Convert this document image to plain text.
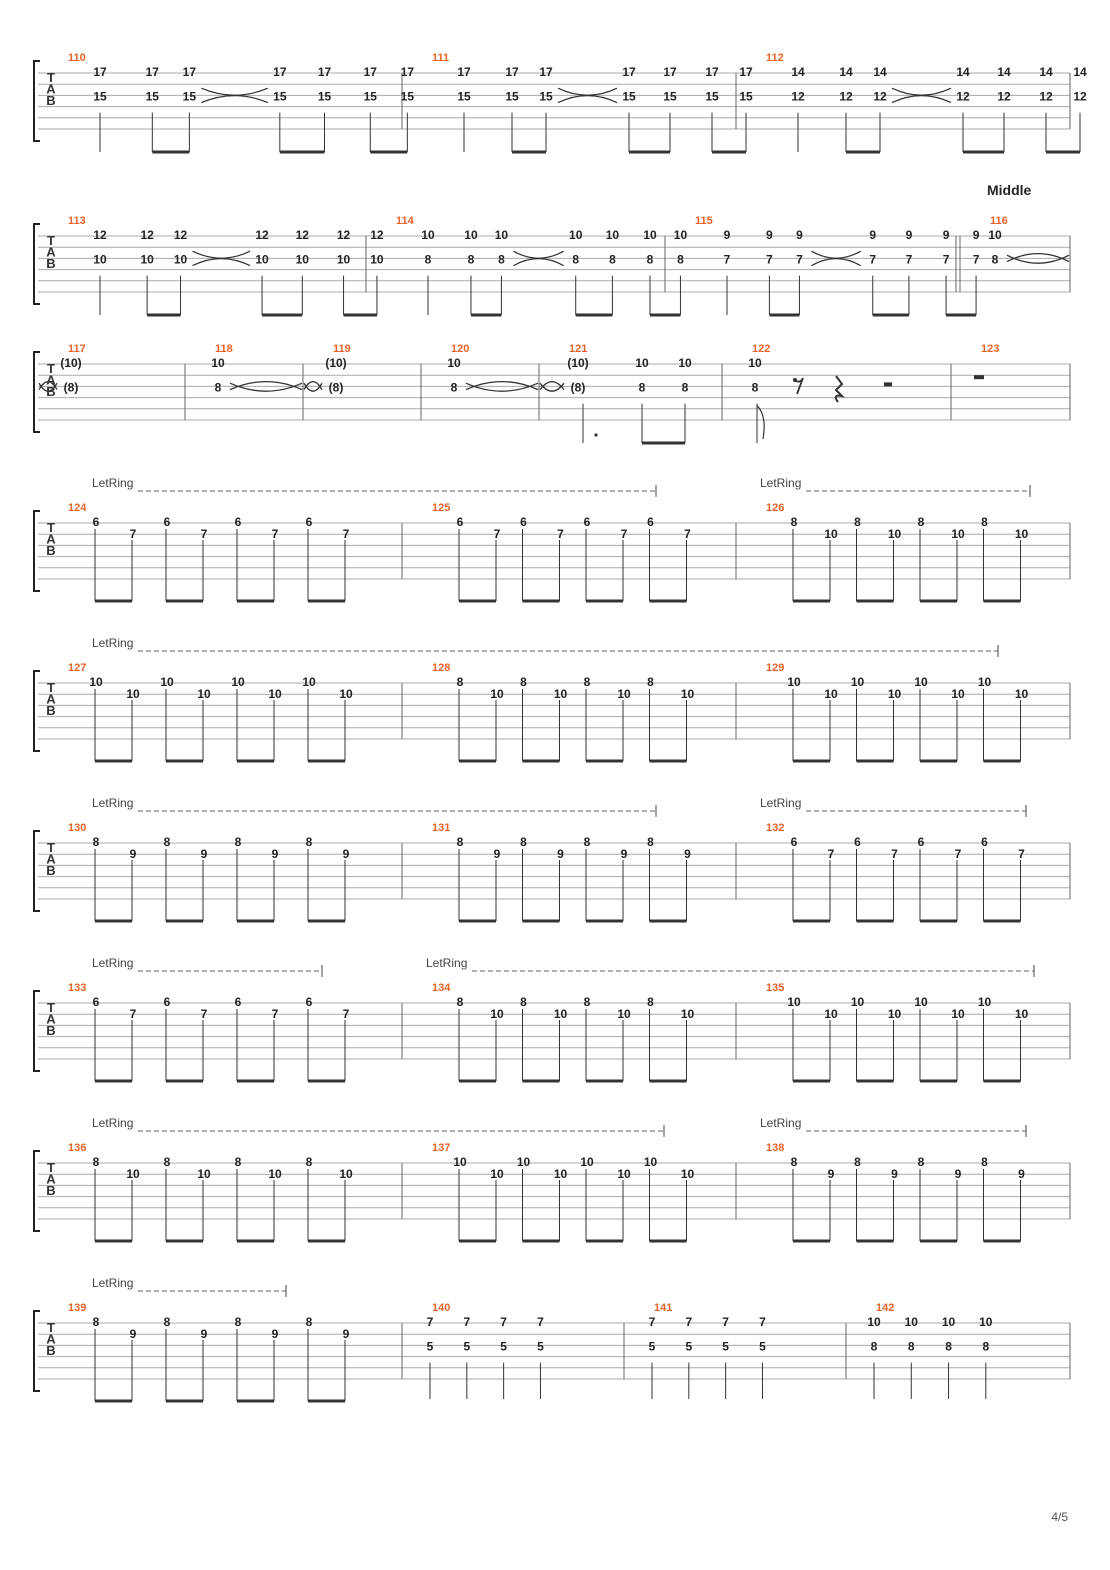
T
A
B
110
17
15
17
15
17
15
17
15
17
15
17
15
17
15
111
17
15
17
15
17
15
17
15
17
15
17
15
17
15
112
14
12
14
12
14
12
14
12
14
12
14
12
14
12
T
A
B
Middle
113
12
10
12
10
12
10
12
10
12
10
12
10
12
10
114
10
8
10
8
10
8
10
8
10
8
10
8
10
8
115
9
7
9
7
9
7
9
7
9
7
9
7
9
7
116
10
8
T
A
B
117
(10)
(8)
118
10
8
119
(10)
(8)
120
10
8
121
(10)
(8)
10
8
10
8
122
10
8
123
T
A
B
LetRing	LetRing
124
6
7
6
7
6
7
6
7
125
6
7
6
7
6
7
6
7
126
8
10
8
10
8
10
8
10
T
A
B
LetRing
127
10
10
10
10
10
10
10
10
128
8
10
8
10
8
10
8
10
129
10
10
10
10
10
10
10
10
T
A
B
LetRing	LetRing
130
8
9
8
9
8
9
8
9
131
8
9
8
9
8
9
8
9
132
6
7
6
7
6
7
6
7
T
A
B
LetRing	LetRing
133
6
7
6
7
6
7
6
7
134
8
10
8
10
8
10
8
10
135
10
10
10
10
10
10
10
10
T
A
B
LetRing	LetRing
136
8
10
8
10
8
10
8
10
137
10
10
10
10
10
10
10
10
138
8
9
8
9
8
9
8
9
T
A
B
LetRing
139
8
9
8
9
8
9
8
9
140
7
5
7
5
7
5
7
5
141
7
5
7
5
7
5
7
5
142
10
8
10
8
10
8
10
8
4/5
